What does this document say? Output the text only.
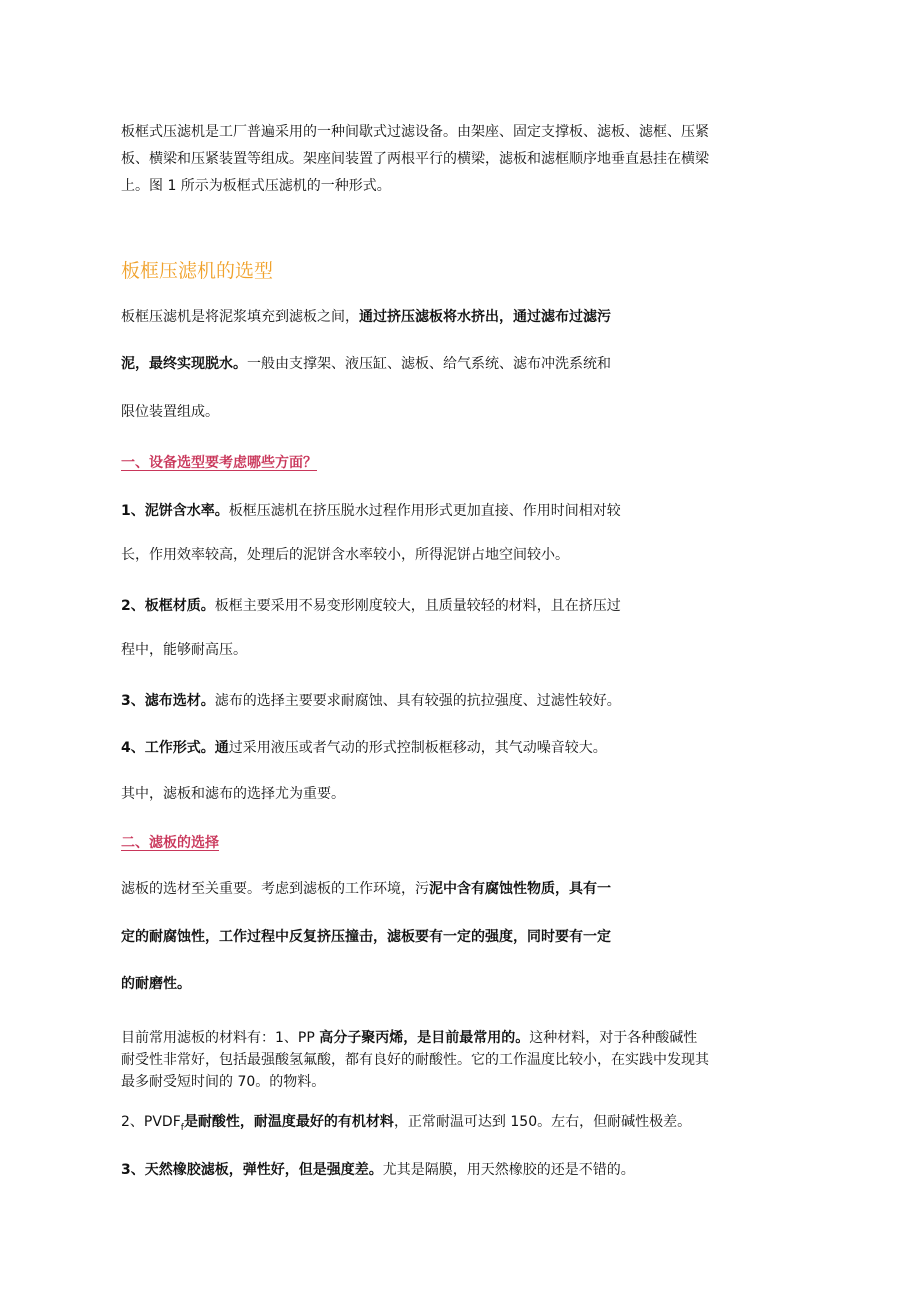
板框式压滤机是工厂普遍采用的一种间歇式过滤设备。由架座、固定支撑板、滤板、滤框、压紧
板、横梁和压紧装置等组成。架座间装置了两根平行的横梁，滤板和滤框顺序地垂直悬挂在横梁
上。图 1 所示为板框式压滤机的一种形式。
板框压滤机的选型
板框压滤机是将泥浆填充到滤板之间，通过挤压滤板将水挤出，通过滤布过滤污
泥，最终实现脱水。一般由支撑架、液压缸、滤板、给气系统、滤布冲洗系统和
限位装置组成。
一、设备选型要考虑哪些方面？
1、泥饼含水率。板框压滤机在挤压脱水过程作用形式更加直接、作用时间相对较
长，作用效率较高，处理后的泥饼含水率较小，所得泥饼占地空间较小。
2、板框材质。板框主要采用不易变形刚度较大，且质量较轻的材料，且在挤压过
程中，能够耐高压。
3、滤布选材。滤布的选择主要要求耐腐蚀、具有较强的抗拉强度、过滤性较好。
4、工作形式。通过采用液压或者气动的形式控制板框移动，其气动噪音较大。
其中，滤板和滤布的选择尤为重要。
二、滤板的选择
滤板的选材至关重要。考虑到滤板的工作环境，污泥中含有腐蚀性物质，具有一
定的耐腐蚀性，工作过程中反复挤压撞击，滤板要有一定的强度，同时要有一定
的耐磨性。
目前常用滤板的材料有：1、PP 高分子聚丙烯，是目前最常用的。这种材料，对于各种酸碱性
耐受性非常好，包括最强酸氢氟酸，都有良好的耐酸性。它的工作温度比较小，在实践中发现其
最多耐受短时间的 70。的物料。
2、$PVDF_f$是耐酸性，耐温度最好的有机材料，正常耐温可达到 150。左右，但耐碱性极差。
3、天然橡胶滤板，弹性好，但是强度差。尤其是隔膜，用天然橡胶的还是不错的。
